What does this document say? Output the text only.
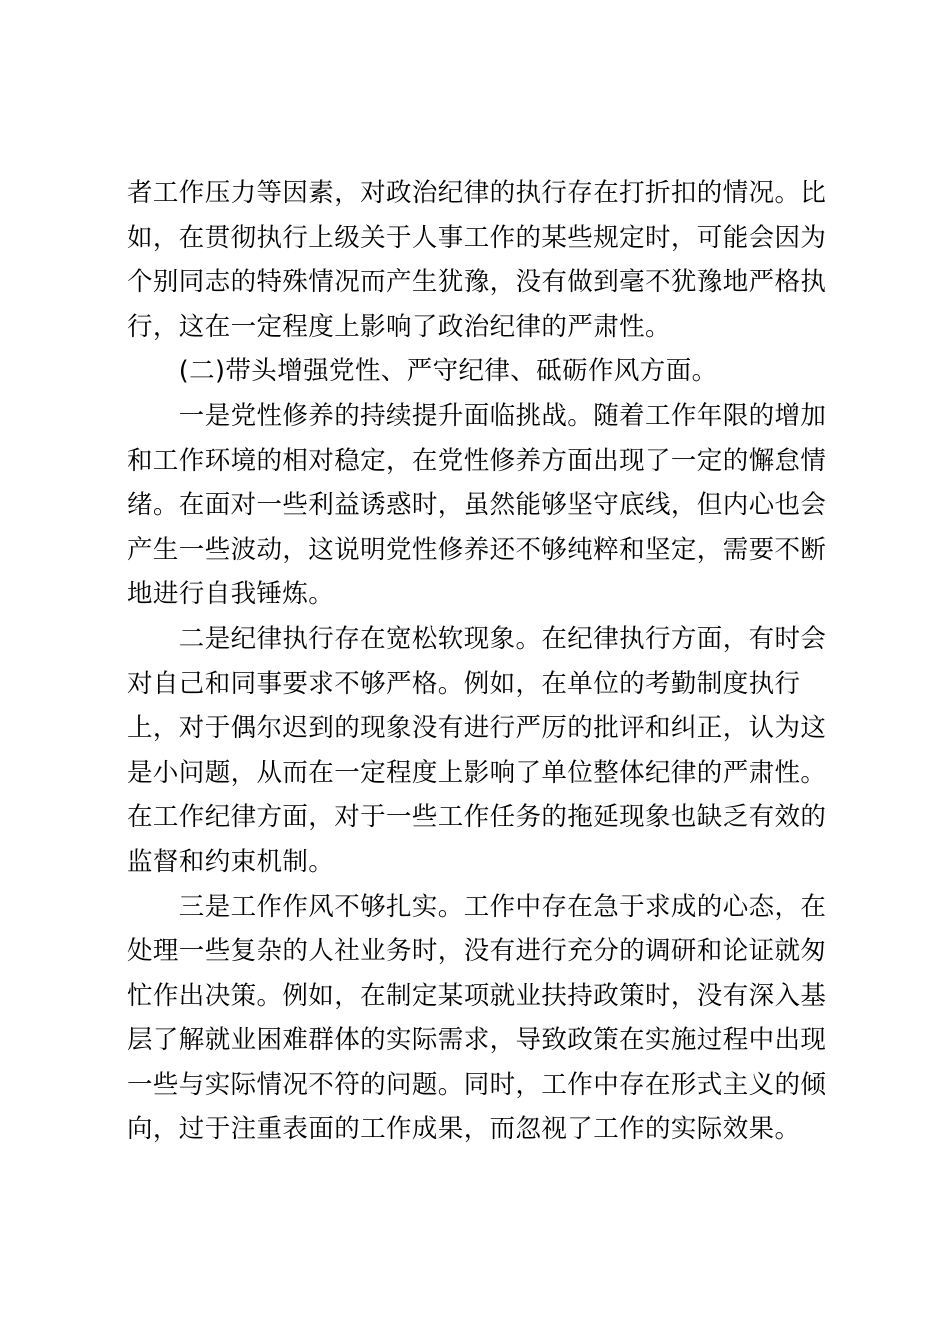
者工作压力等因素，对政治纪律的执行存在打折扣的情况。比
如，在贯彻执行上级关于人事工作的某些规定时，可能会因为
个别同志的特殊情况而产生犹豫，没有做到毫不犹豫地严格执
行，这在一定程度上影响了政治纪律的严肃性。
　　(二)带头增强党性、严守纪律、砥砺作风方面。
　　一是党性修养的持续提升面临挑战。随着工作年限的增加
和工作环境的相对稳定，在党性修养方面出现了一定的懈怠情
绪。在面对一些利益诱惑时，虽然能够坚守底线，但内心也会
产生一些波动，这说明党性修养还不够纯粹和坚定，需要不断
地进行自我锤炼。
　　二是纪律执行存在宽松软现象。在纪律执行方面，有时会
对自己和同事要求不够严格。例如，在单位的考勤制度执行
上，对于偶尔迟到的现象没有进行严厉的批评和纠正，认为这
是小问题，从而在一定程度上影响了单位整体纪律的严肃性。
在工作纪律方面，对于一些工作任务的拖延现象也缺乏有效的
监督和约束机制。
　　三是工作作风不够扎实。工作中存在急于求成的心态，在
处理一些复杂的人社业务时，没有进行充分的调研和论证就匆
忙作出决策。例如，在制定某项就业扶持政策时，没有深入基
层了解就业困难群体的实际需求，导致政策在实施过程中出现
一些与实际情况不符的问题。同时，工作中存在形式主义的倾
向，过于注重表面的工作成果，而忽视了工作的实际效果。
